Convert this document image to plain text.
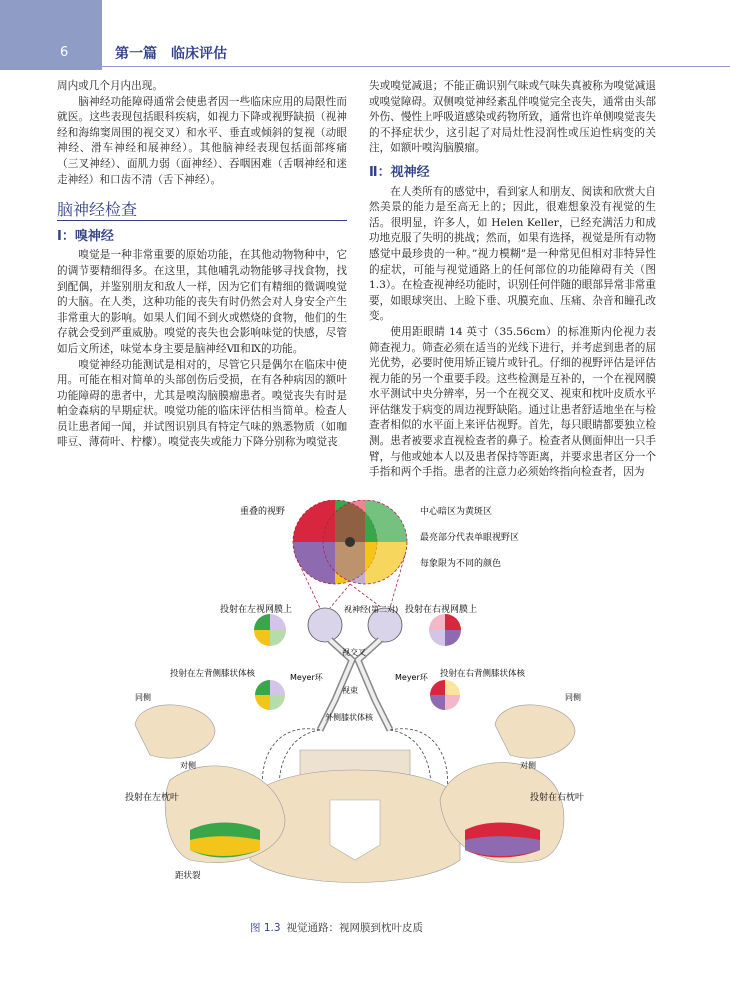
6	第一篇　临床评估

周内或几个月内出现。

脑神经功能障碍通常会使患者因一些临床应用的局限性而就医。这些表现包括眼科疾病，如视力下降或视野缺损（视神经和海绵窦周围的视交叉）和水平、垂直或倾斜的复视（动眼神经、滑车神经和展神经）。其他脑神经表现包括面部疼痛（三叉神经）、面肌力弱（面神经）、吞咽困难（舌咽神经和迷走神经）和口齿不清（舌下神经）。

脑神经检查
Ⅰ：嗅神经

嗅觉是一种非常重要的原始功能，在其他动物物种中，它的调节要精细得多。在这里，其他哺乳动物能够寻找食物，找到配偶，并鉴别朋友和敌人一样，因为它们有精细的微调嗅觉的大脑。在人类，这种功能的丧失有时仍然会对人身安全产生非常重大的影响。如果人们闻不到火或燃烧的食物，他们的生存就会受到严重威胁。嗅觉的丧失也会影响味觉的快感，尽管如后文所述，味觉本身主要是脑神经Ⅶ和Ⅸ的功能。

嗅觉神经功能测试是相对的，尽管它只是偶尔在临床中使用。可能在相对简单的头部创伤后受损，在有各种病因的额叶功能障碍的患者中，尤其是嗅沟脑膜瘤患者。嗅觉丧失有时是帕金森病的早期症状。嗅觉功能的临床评估相当简单。检查人员让患者闻一闻，并试图识别具有特定气味的熟悉物质（如咖啡豆、薄荷叶、柠檬）。嗅觉丧失或能力下降分别称为嗅觉丧

失或嗅觉减退；不能正确识别气味或气味失真被称为嗅觉减退或嗅觉障碍。双侧嗅觉神经紊乱伴嗅觉完全丧失，通常由头部外伤、慢性上呼吸道感染或药物所致，通常也许单侧嗅觉丧失的不择症状少，这引起了对局灶性浸润性或压迫性病变的关注，如额叶嗅沟脑膜瘤。

Ⅱ：视神经

在人类所有的感觉中，看到家人和朋友、阅读和欣赏大自然美景的能力是至高无上的；因此，很难想象没有视觉的生活。很明显，许多人，如 Helen Keller，已经充满活力和成功地克服了失明的挑战；然而，如果有选择，视觉是所有动物感觉中最珍贵的一种。”视力模糊”是一种常见但相对非特异性的症状，可能与视觉通路上的任何部位的功能障碍有关（图 1.3）。在检查视神经功能时，识别任何伴随的眼部异常非常重要，如眼球突出、上睑下垂、巩膜充血、压痛、杂音和瞳孔改变。

使用距眼睛 14 英寸（35.56cm）的标准斯内伦视力表筛查视力。筛查必须在适当的光线下进行，并考虑到患者的屈光优势，必要时使用矫正镜片或针孔。仔细的视野评估是评估视力能的另一个重要手段。这些检测是互补的，一个在视网膜水平测试中央分辨率，另一个在视交叉、视束和枕叶皮质水平评估继发于病变的周边视野缺陷。通过让患者舒适地坐在与检查者相似的水平面上来评估视野。首先，每只眼睛都要独立检测。患者被要求直视检查者的鼻子。检查者从侧面伸出一只手臂，与他或她本人以及患者保持等距离，并要求患者区分一个手指和两个手指。患者的注意力必须始终指向检查者，因为

重叠的视野	中心暗区为黄斑区
最亮部分代表单眼视野区
每象限为不同的颜色
投射在左视网膜上	投射在右视网膜上
视神经(第二对)
视交叉
Meyer环	Meyer环
视束
外侧膝状体核
投射在左背侧膝状体核	投射在右背侧膝状体核
同侧	同侧
对侧	对侧
投射在左枕叶	投射在右枕叶
距状裂
图 1.3 视觉通路：视网膜到枕叶皮质
